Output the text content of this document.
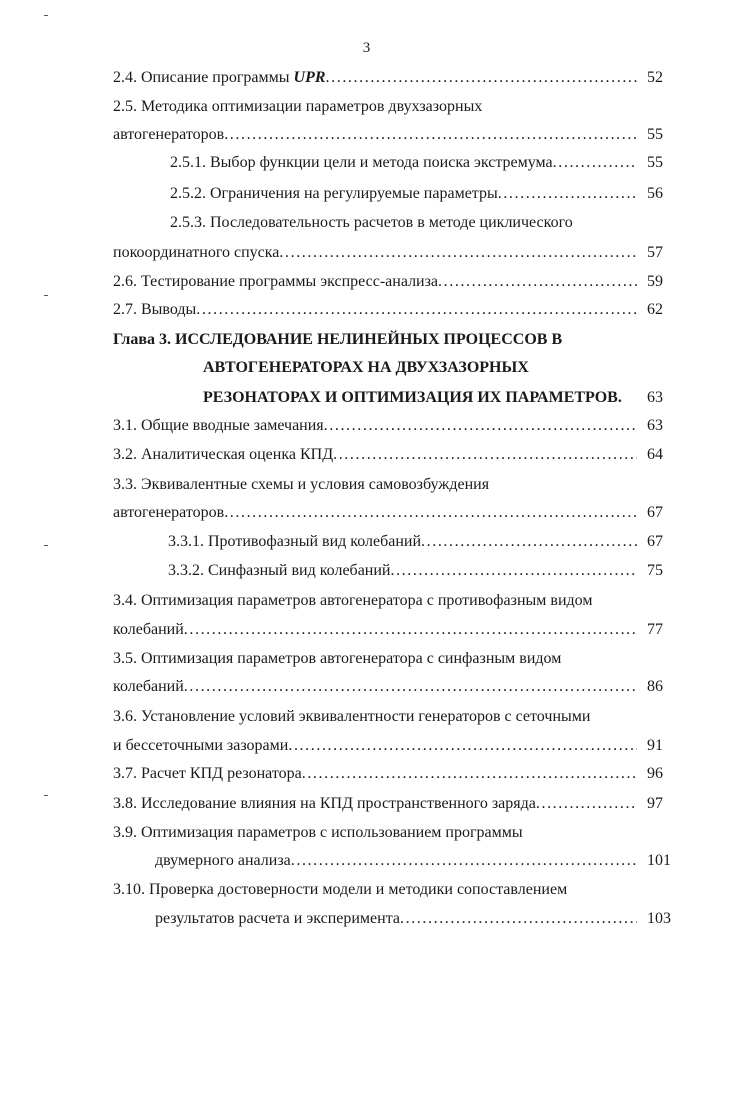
3
2.4. Описание программы UPR .....	52
2.5. Методика оптимизации параметров двухзазорных
автогенераторов .....	55
2.5.1. Выбор функции цели и метода поиска экстремума .....	55
2.5.2. Ограничения на регулируемые параметры .....	56
2.5.3. Последовательность расчетов в методе циклического
покоординатного спуска .....	57
2.6. Тестирование программы экспресс-анализа .....	59
2.7. Выводы .....	62
Глава 3. ИССЛЕДОВАНИЕ НЕЛИНЕЙНЫХ ПРОЦЕССОВ В
АВТОГЕНЕРАТОРАХ НА ДВУХЗАЗОРНЫХ
РЕЗОНАТОРАХ И ОПТИМИЗАЦИЯ ИХ ПАРАМЕТРОВ. 63
3.1. Общие вводные замечания .....	63
3.2. Аналитическая оценка КПД .....	64
3.3. Эквивалентные схемы и условия самовозбуждения
автогенераторов .....	67
3.3.1. Противофазный вид колебаний .....	67
3.3.2. Синфазный вид колебаний .....	75
3.4. Оптимизация параметров автогенератора с противофазным видом
колебаний .....	77
3.5. Оптимизация параметров автогенератора с синфазным видом
колебаний .....	86
3.6. Установление условий эквивалентности генераторов с сеточными
и бессеточными зазорами .....	91
3.7. Расчет КПД резонатора .....	96
3.8. Исследование влияния на КПД пространственного заряда .....	97
3.9. Оптимизация параметров с использованием программы
двумерного анализа .....	101
3.10. Проверка достоверности модели и методики сопоставлением
результатов расчета и эксперимента .....	103
